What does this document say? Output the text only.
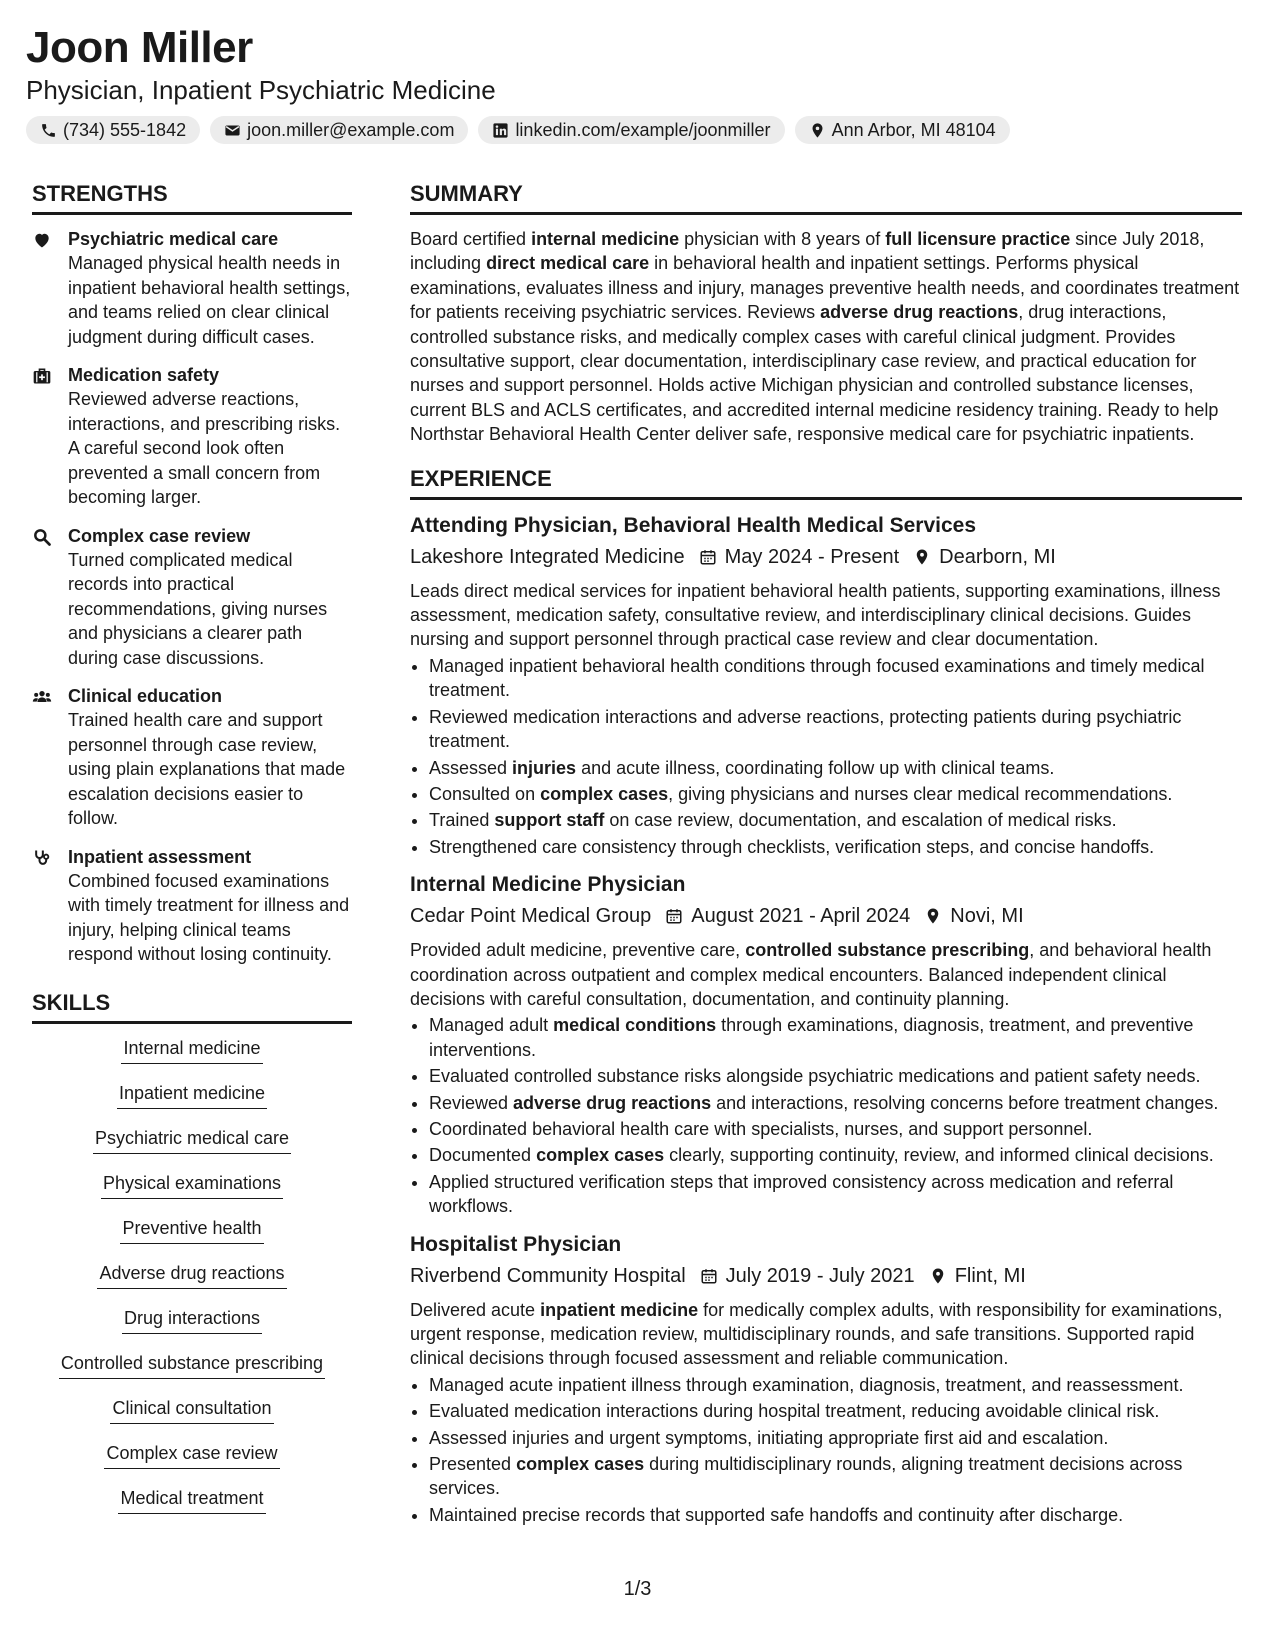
Joon Miller
Physician, Inpatient Psychiatric Medicine
(734) 555-1842	joon.miller@example.com	linkedin.com/example/joonmiller	Ann Arbor, MI 48104
STRENGTHS
Psychiatric medical care
Managed physical health needs in inpatient behavioral health settings, and teams relied on clear clinical judgment during difficult cases.
Medication safety
Reviewed adverse reactions, interactions, and prescribing risks. A careful second look often prevented a small concern from becoming larger.
Complex case review
Turned complicated medical records into practical recommendations, giving nurses and physicians a clearer path during case discussions.
Clinical education
Trained health care and support personnel through case review, using plain explanations that made escalation decisions easier to follow.
Inpatient assessment
Combined focused examinations with timely treatment for illness and injury, helping clinical teams respond without losing continuity.
SKILLS
Internal medicine
Inpatient medicine
Psychiatric medical care
Physical examinations
Preventive health
Adverse drug reactions
Drug interactions
Controlled substance prescribing
Clinical consultation
Complex case review
Medical treatment
SUMMARY
Board certified internal medicine physician with 8 years of full licensure practice since July 2018, including direct medical care in behavioral health and inpatient settings. Performs physical examinations, evaluates illness and injury, manages preventive health needs, and coordinates treatment for patients receiving psychiatric services. Reviews adverse drug reactions, drug interactions, controlled substance risks, and medically complex cases with careful clinical judgment. Provides consultative support, clear documentation, interdisciplinary case review, and practical education for nurses and support personnel. Holds active Michigan physician and controlled substance licenses, current BLS and ACLS certificates, and accredited internal medicine residency training. Ready to help Northstar Behavioral Health Center deliver safe, responsive medical care for psychiatric inpatients.
EXPERIENCE
Attending Physician, Behavioral Health Medical Services
Lakeshore Integrated Medicine May 2024 - Present Dearborn, MI
Leads direct medical services for inpatient behavioral health patients, supporting examinations, illness assessment, medication safety, consultative review, and interdisciplinary clinical decisions. Guides nursing and support personnel through practical case review and clear documentation.
• Managed inpatient behavioral health conditions through focused examinations and timely medical treatment.
• Reviewed medication interactions and adverse reactions, protecting patients during psychiatric treatment.
• Assessed injuries and acute illness, coordinating follow up with clinical teams.
• Consulted on complex cases, giving physicians and nurses clear medical recommendations.
• Trained support staff on case review, documentation, and escalation of medical risks.
• Strengthened care consistency through checklists, verification steps, and concise handoffs.
Internal Medicine Physician
Cedar Point Medical Group August 2021 - April 2024 Novi, MI
Provided adult medicine, preventive care, controlled substance prescribing, and behavioral health coordination across outpatient and complex medical encounters. Balanced independent clinical decisions with careful consultation, documentation, and continuity planning.
• Managed adult medical conditions through examinations, diagnosis, treatment, and preventive interventions.
• Evaluated controlled substance risks alongside psychiatric medications and patient safety needs.
• Reviewed adverse drug reactions and interactions, resolving concerns before treatment changes.
• Coordinated behavioral health care with specialists, nurses, and support personnel.
• Documented complex cases clearly, supporting continuity, review, and informed clinical decisions.
• Applied structured verification steps that improved consistency across medication and referral workflows.
Hospitalist Physician
Riverbend Community Hospital July 2019 - July 2021 Flint, MI
Delivered acute inpatient medicine for medically complex adults, with responsibility for examinations, urgent response, medication review, multidisciplinary rounds, and safe transitions. Supported rapid clinical decisions through focused assessment and reliable communication.
• Managed acute inpatient illness through examination, diagnosis, treatment, and reassessment.
• Evaluated medication interactions during hospital treatment, reducing avoidable clinical risk.
• Assessed injuries and urgent symptoms, initiating appropriate first aid and escalation.
• Presented complex cases during multidisciplinary rounds, aligning treatment decisions across services.
• Maintained precise records that supported safe handoffs and continuity after discharge.
1/3
